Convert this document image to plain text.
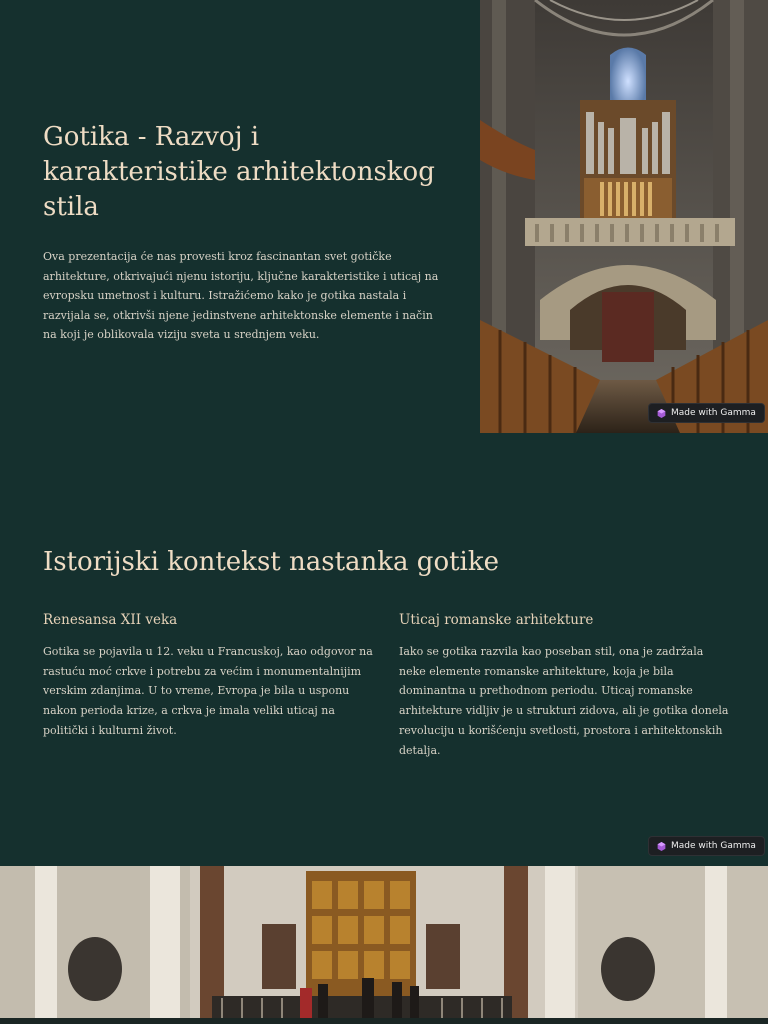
Gotika - Razvoj i karakteristike arhitektonskog stila

Ova prezentacija će nas provesti kroz fascinantan svet gotičke arhitekture, otkrivajući njenu istoriju, ključne karakteristike i uticaj na evropsku umetnost i kulturu. Istražićemo kako je gotika nastala i razvijala se, otkrivši njene jedinstvene arhitektonske elemente i način na koji je oblikovala viziju sveta u srednjem veku.

Made with Gamma
Istorijski kontekst nastanka gotike
Renesansa XII veka

Gotika se pojavila u 12. veku u Francuskoj, kao odgovor na rastuću moć crkve i potrebu za većim i monumentalnijim verskim zdanjima. U to vreme, Evropa je bila u usponu nakon perioda krize, a crkva je imala veliki uticaj na politički i kulturni život.

Uticaj romanske arhitekture

Iako se gotika razvila kao poseban stil, ona je zadržala neke elemente romanske arhitekture, koja je bila dominantna u prethodnom periodu. Uticaj romanske arhitekture vidljiv je u strukturi zidova, ali je gotika donela revoluciju u korišćenju svetlosti, prostora i arhitektonskih detalja.

Made with Gamma
